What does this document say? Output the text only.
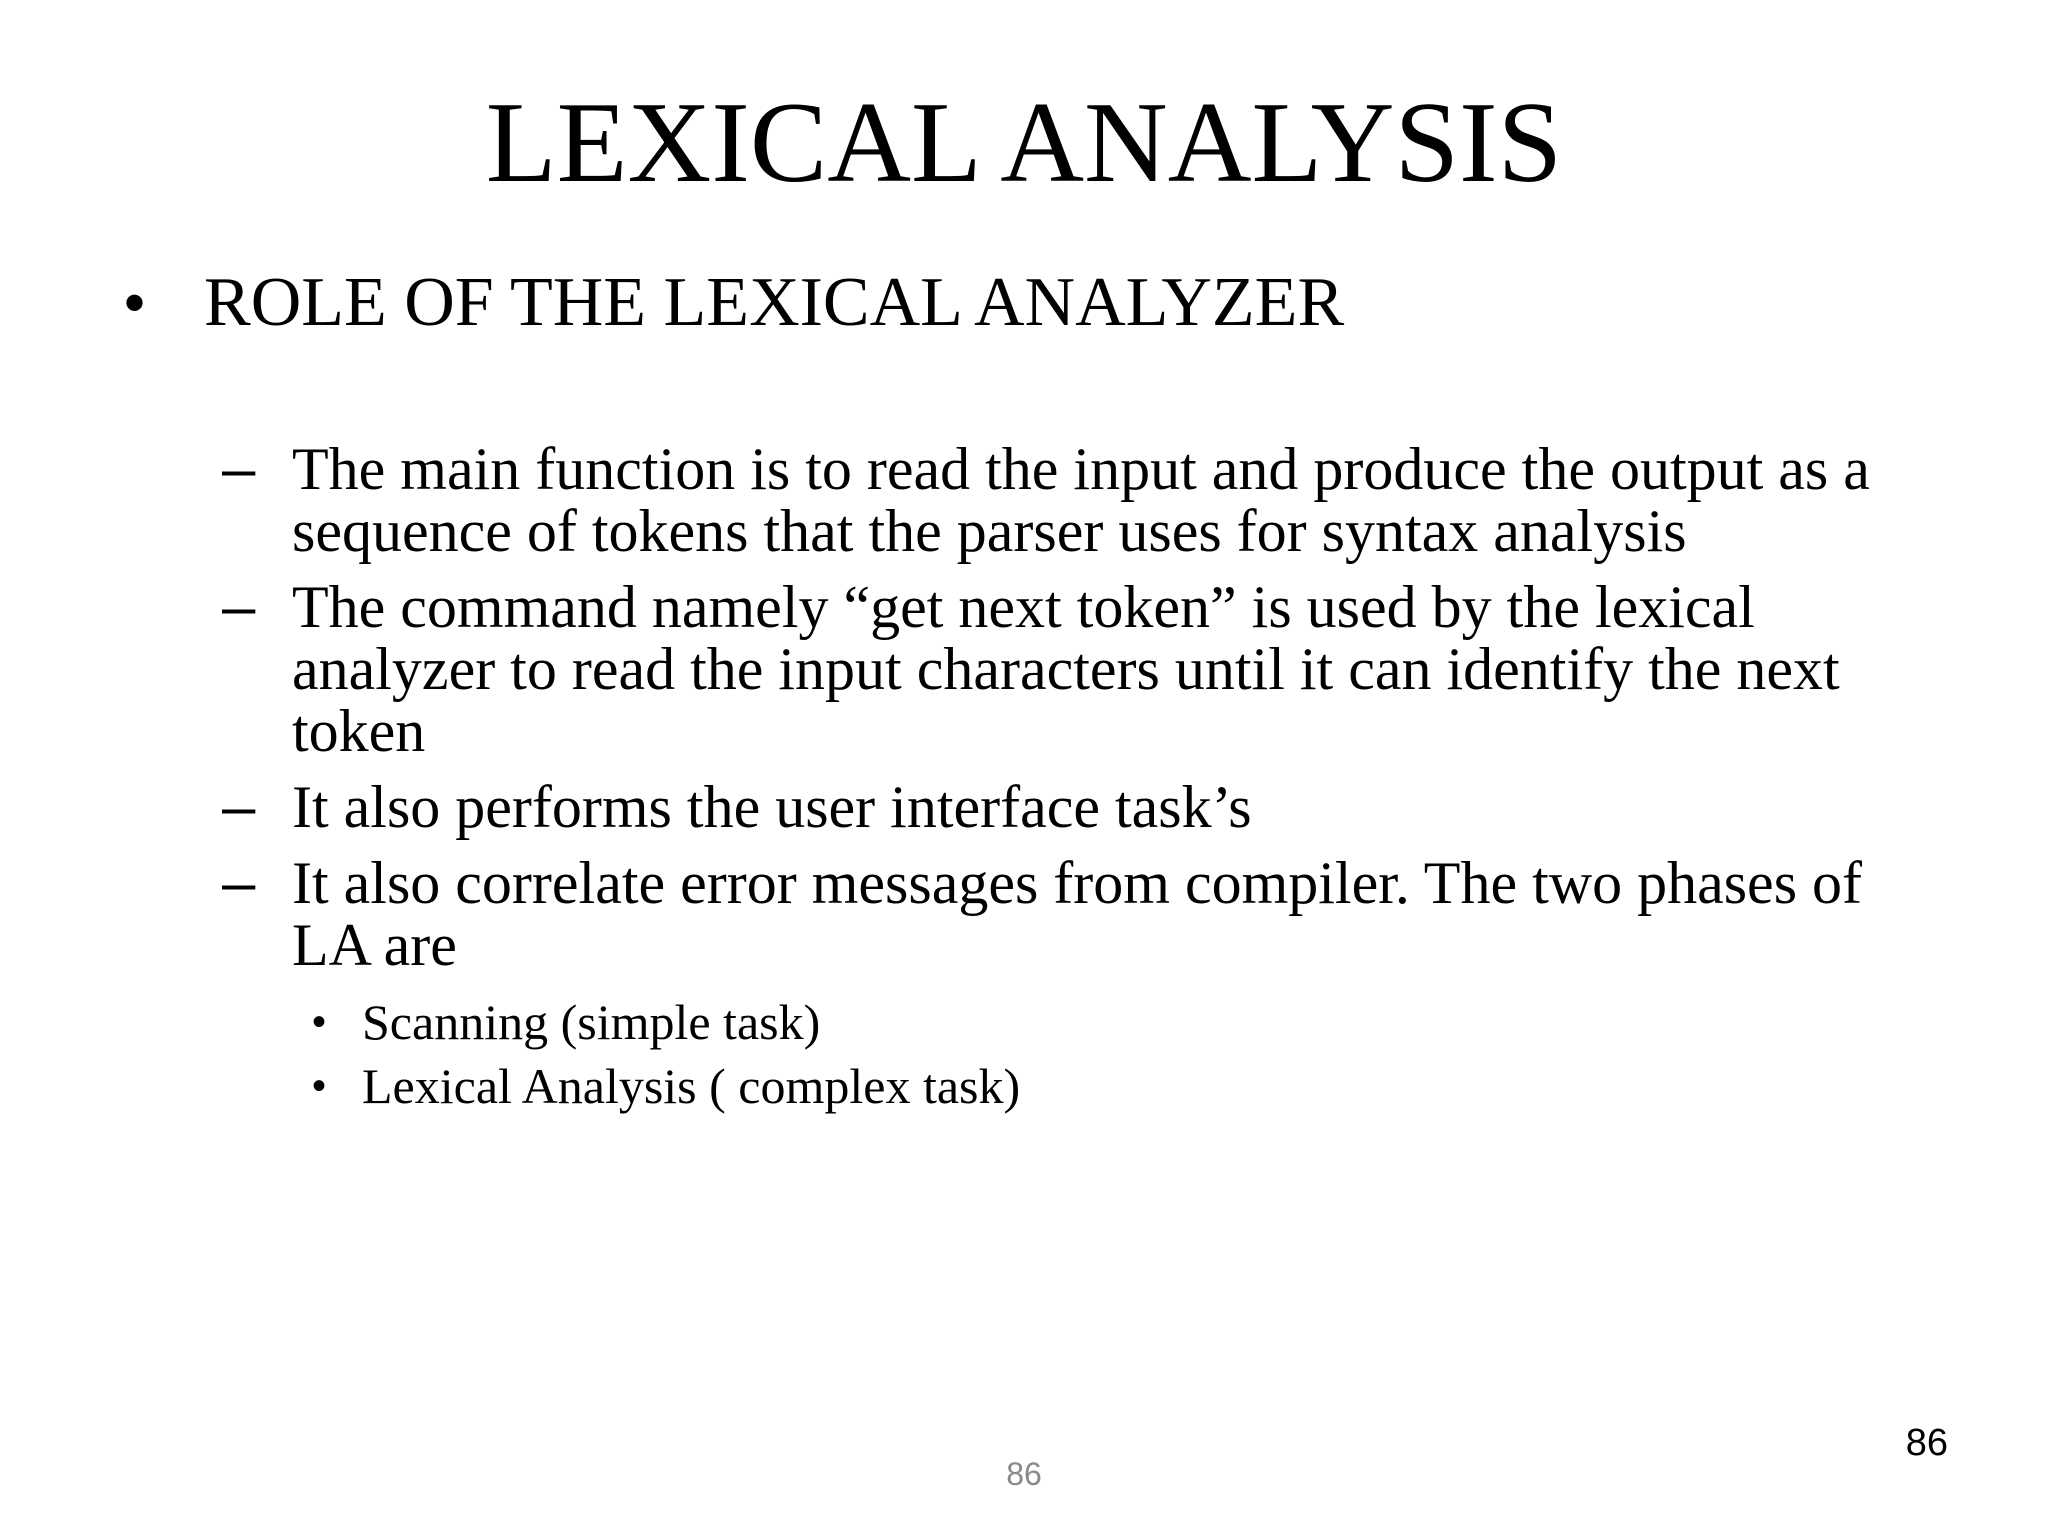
LEXICAL ANALYSIS
• ROLE OF THE LEXICAL ANALYZER
– The main function is to read the input and produce the output as a sequence of tokens that the parser uses for syntax analysis
– The command namely “get next token” is used by the lexical analyzer to read the input characters until it can identify the next token
– It also performs the user interface task’s
– It also correlate error messages from compiler. The two phases of LA are
• Scanning (simple task)
• Lexical Analysis ( complex task)
86
86
